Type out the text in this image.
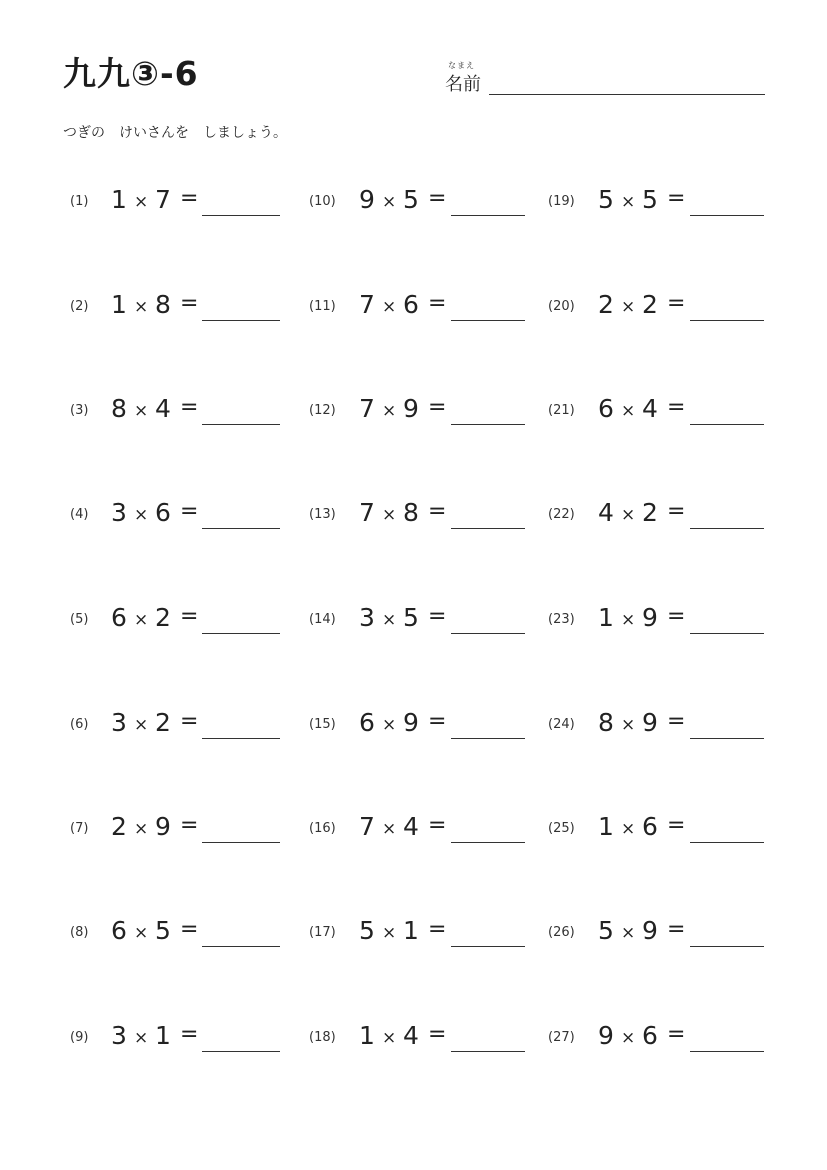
九九③-6	なまえ
名前
つぎの　けいさんを　しましょう。
(1) 1 × 7 =
(2) 1 × 8 =
(3) 8 × 4 =
(4) 3 × 6 =
(5) 6 × 2 =
(6) 3 × 2 =
(7) 2 × 9 =
(8) 6 × 5 =
(9) 3 × 1 =
(10) 9 × 5 =
(11) 7 × 6 =
(12) 7 × 9 =
(13) 7 × 8 =
(14) 3 × 5 =
(15) 6 × 9 =
(16) 7 × 4 =
(17) 5 × 1 =
(18) 1 × 4 =
(19) 5 × 5 =
(20) 2 × 2 =
(21) 6 × 4 =
(22) 4 × 2 =
(23) 1 × 9 =
(24) 8 × 9 =
(25) 1 × 6 =
(26) 5 × 9 =
(27) 9 × 6 =
